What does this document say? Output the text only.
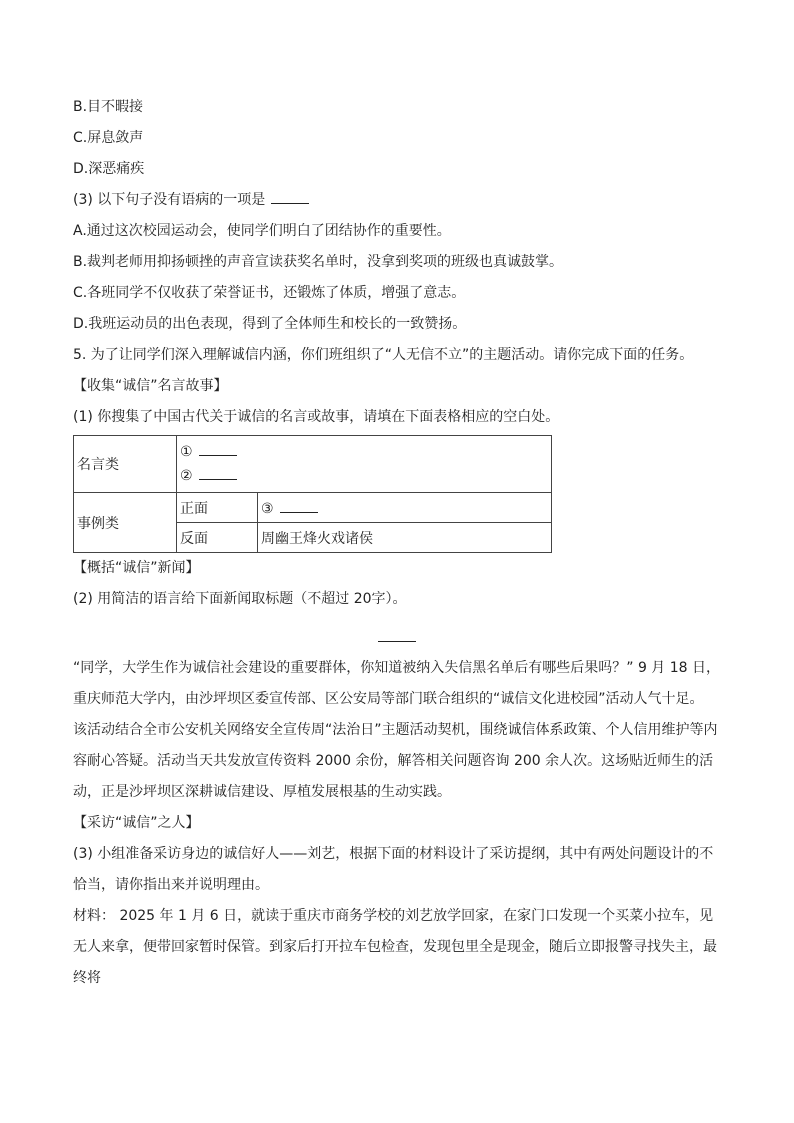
B.目不暇接
C.屏息敛声
D.深恶痛疾
(3) 以下句子没有语病的一项是
A.通过这次校园运动会，使同学们明白了团结协作的重要性。
B.裁判老师用抑扬顿挫的声音宣读获奖名单时，没拿到奖项的班级也真诚鼓掌。
C.各班同学不仅收获了荣誉证书，还锻炼了体质，增强了意志。
D.我班运动员的出色表现，得到了全体师生和校长的一致赞扬。
5. 为了让同学们深入理解诚信内涵，你们班组织了“人无信不立”的主题活动。请你完成下面的任务。
【收集“诚信”名言故事】
(1) 你搜集了中国古代关于诚信的名言或故事，请填在下面表格相应的空白处。
名言类	①
②	

事例类	正面	③
	反面	周幽王烽火戏诸侯
【概括“诚信”新闻】
(2) 用简洁的语言给下面新闻取标题（不超过 20字）。
“同学，大学生作为诚信社会建设的重要群体，你知道被纳入失信黑名单后有哪些后果吗？” 9 月 18 日，重庆师范大学内，由沙坪坝区委宣传部、区公安局等部门联合组织的“诚信文化进校园”活动人气十足。
该活动结合全市公安机关网络安全宣传周“法治日”主题活动契机，围绕诚信体系政策、个人信用维护等内容耐心答疑。活动当天共发放宣传资料 2000 余份，解答相关问题咨询 200 余人次。这场贴近师生的活动，正是沙坪坝区深耕诚信建设、厚植发展根基的生动实践。
【采访“诚信”之人】
(3) 小组准备采访身边的诚信好人——刘艺，根据下面的材料设计了采访提纲，其中有两处问题设计的不恰当，请你指出来并说明理由。
材料： 2025 年 1 月 6 日，就读于重庆市商务学校的刘艺放学回家，在家门口发现一个买菜小拉车，见无人来拿，便带回家暂时保管。到家后打开拉车包检查，发现包里全是现金，随后立即报警寻找失主，最终将
